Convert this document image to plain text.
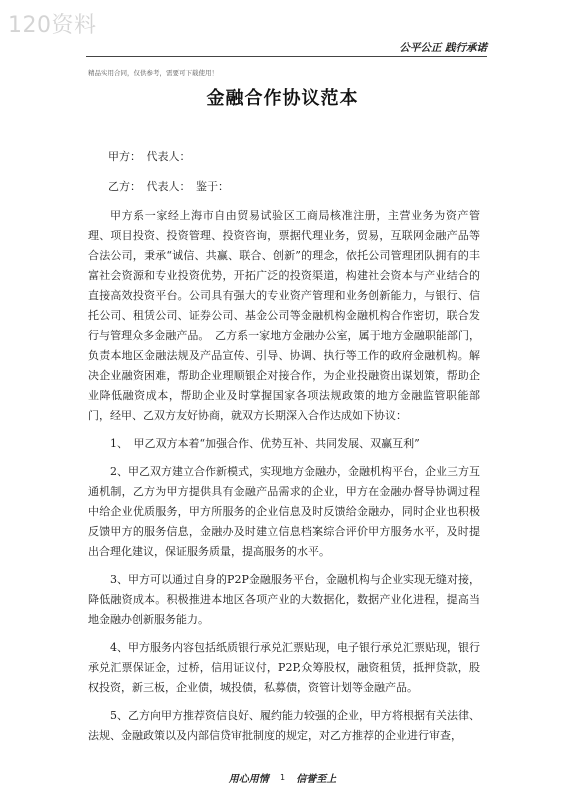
120资料
公平公正 践行承诺
精品实用合同，仅供参考，需要可下载使用！
金融合作协议范本
甲方：　代表人：
乙方：　代表人：　鉴于：

甲方系一家经上海市自由贸易试验区工商局核准注册，主营业务为资产管理、项目投资、投资管理、投资咨询，票据代理业务，贸易，互联网金融产品等合法公司，秉承“诚信、共赢、联合、创新”的理念，依托公司管理团队拥有的丰富社会资源和专业投资优势，开拓广泛的投资渠道，构建社会资本与产业结合的直接高效投资平台。公司具有强大的专业资产管理和业务创新能力，与银行、信托公司、租赁公司、证券公司、基金公司等金融机构金融机构合作密切，联合发行与管理众多金融产品。　乙方系一家地方金融办公室，属于地方金融职能部门，负责本地区金融法规及产品宣传、引导、协调、执行等工作的政府金融机构。解决企业融资困难，帮助企业理顺银企对接合作，为企业投融资出谋划策，帮助企业降低融资成本，帮助企业及时掌握国家各项法规政策的地方金融监管职能部门，经甲、乙双方友好协商，就双方长期深入合作达成如下协议：

1、　甲乙双方本着“加强合作、优势互补、共同发展、双赢互利”

2、甲乙双方建立合作新模式，实现地方金融办，金融机构平台，企业三方互通机制，乙方为甲方提供具有金融产品需求的企业，甲方在金融办督导协调过程中给企业优质服务，甲方所服务的企业信息及时反馈给金融办，同时企业也积极反馈甲方的服务信息，金融办及时建立信息档案综合评价甲方服务水平，及时提出合理化建议，保证服务质量，提高服务的水平。

3、甲方可以通过自身的P2P金融服务平台，金融机构与企业实现无缝对接，降低融资成本。积极推进本地区各项产业的大数据化，数据产业化进程，提高当地金融办创新服务能力。

4、甲方服务内容包括纸质银行承兑汇票贴现，电子银行承兑汇票贴现，银行承兑汇票保证金，过桥，信用证议付，P2P,众筹股权，融资租赁，抵押贷款，股权投资，新三板，企业债，城投债，私募债，资管计划等金融产品。

5、乙方向甲方推荐资信良好、履约能力较强的企业，甲方将根据有关法律、法规、金融政策以及内部信贷审批制度的规定，对乙方推荐的企业进行审查，

用心用情 $^1$ 信誉至上
